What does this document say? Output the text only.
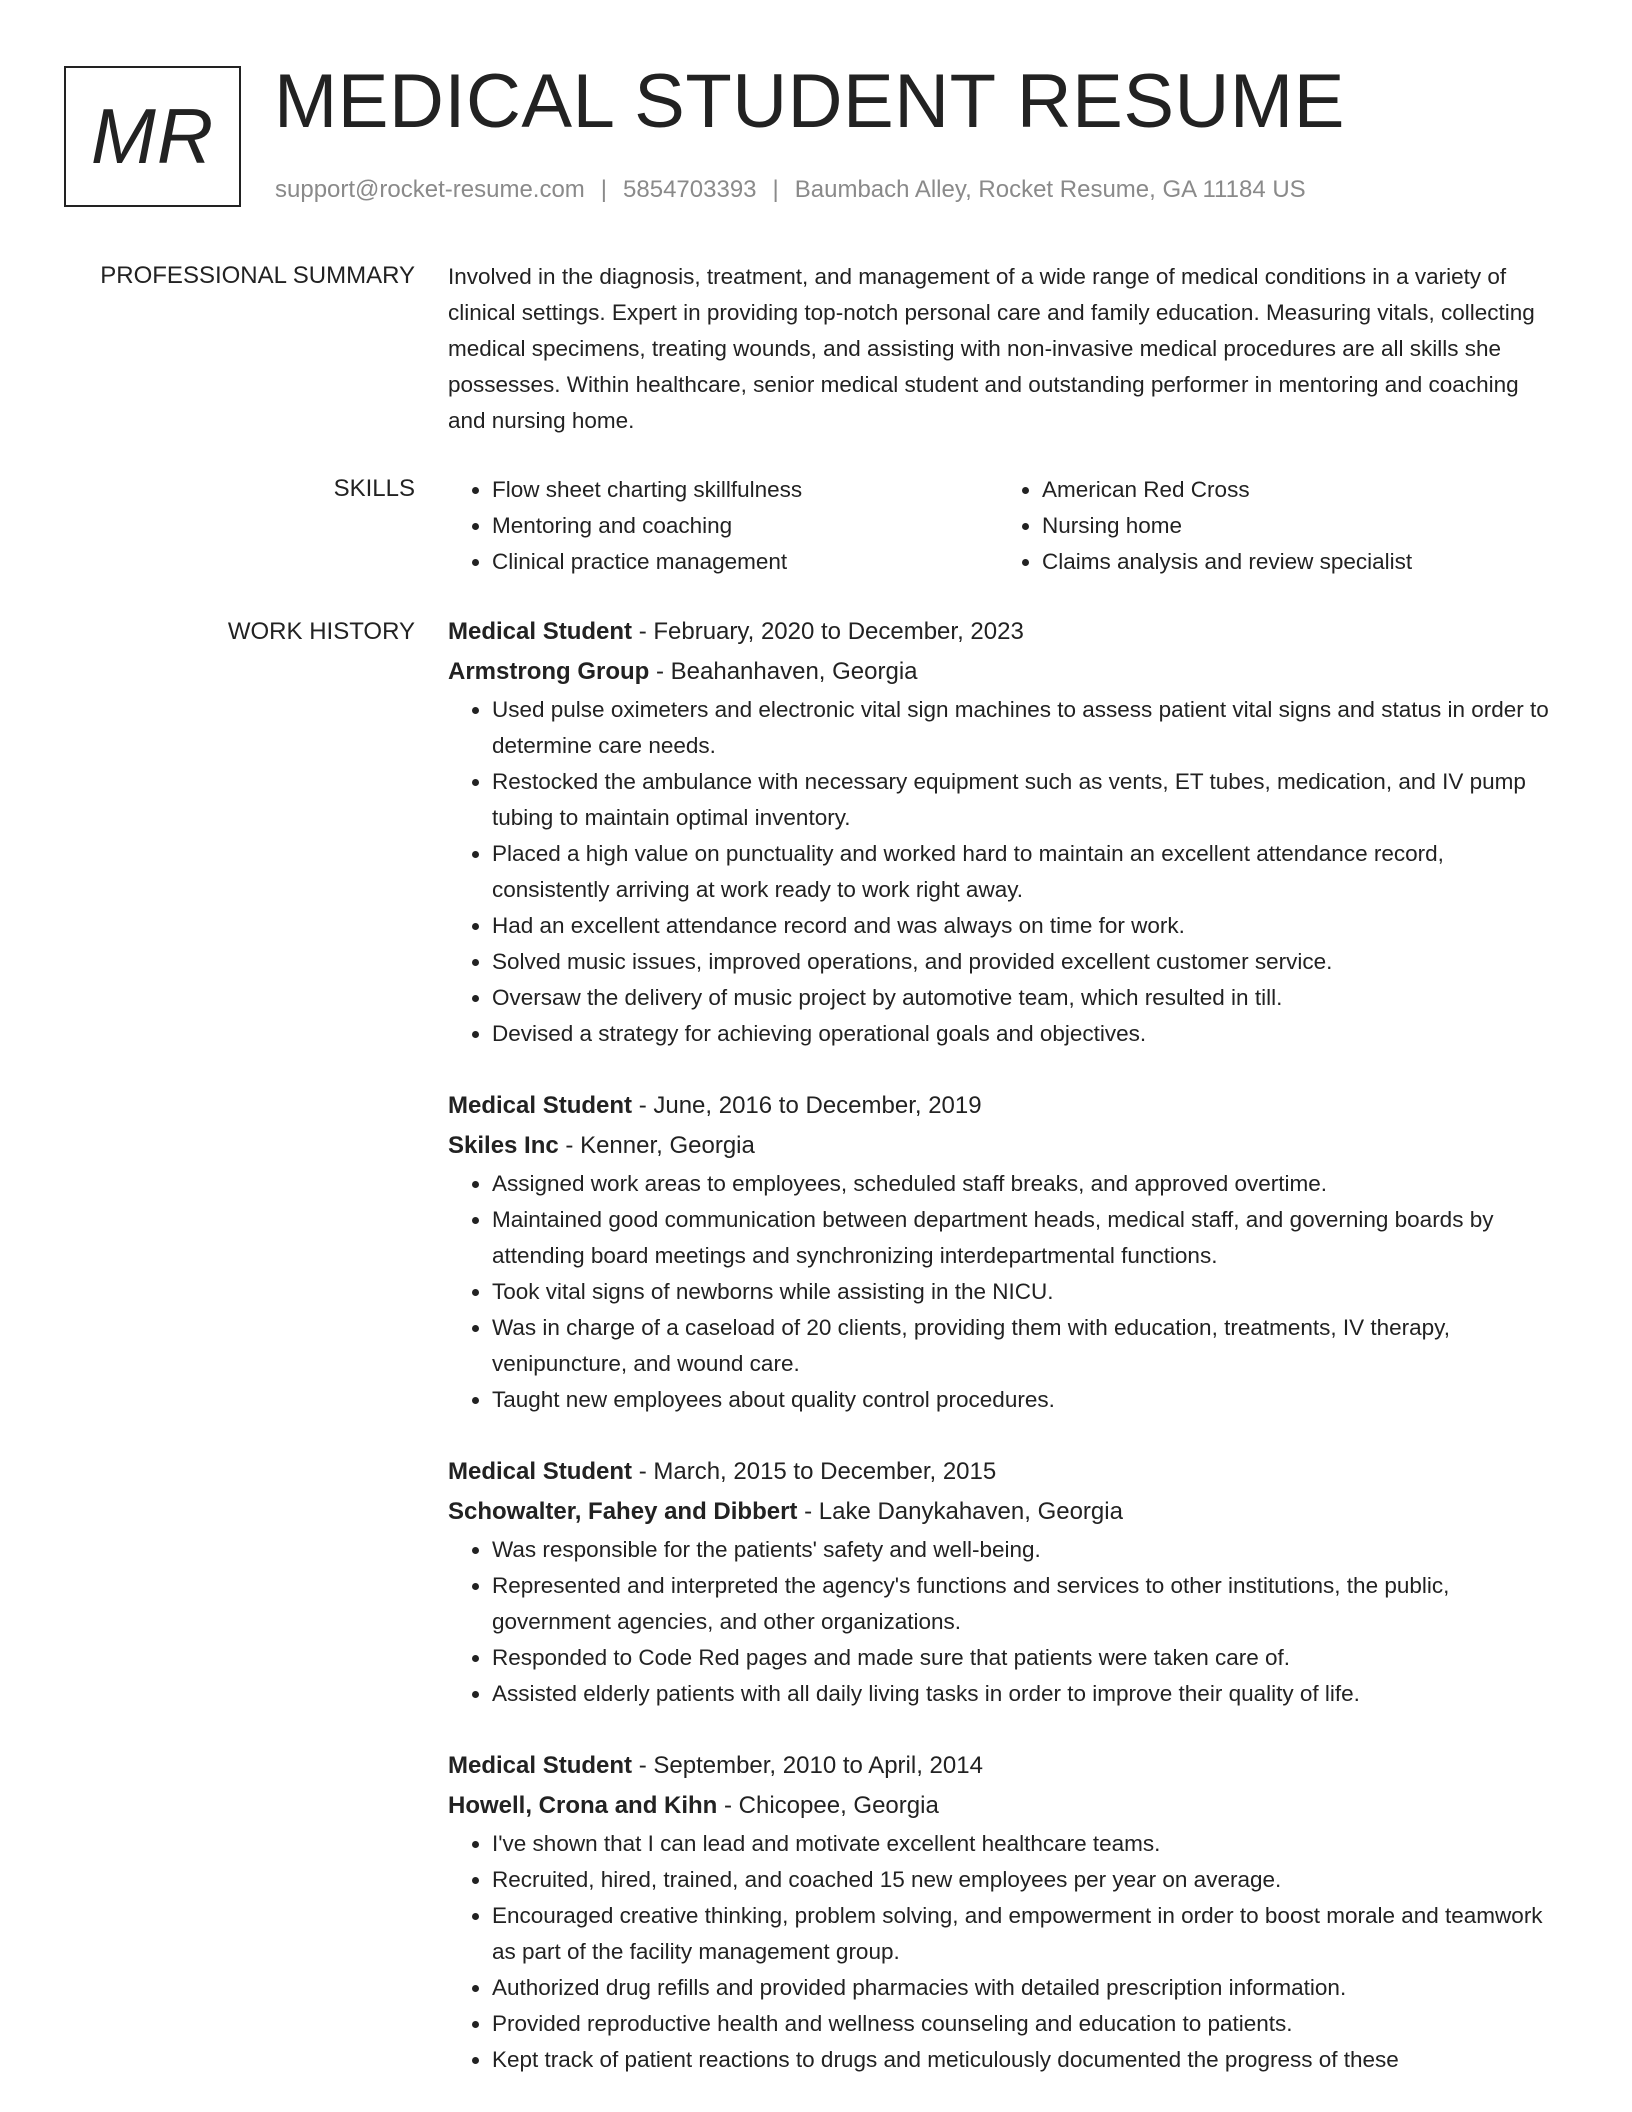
MR MEDICAL STUDENT RESUME
support@rocket-resume.com | 5854703393 | Baumbach Alley, Rocket Resume, GA 11184 US
PROFESSIONAL SUMMARY Involved in the diagnosis, treatment, and management of a wide range of medical conditions in a variety of clinical settings. Expert in providing top-notch personal care and family education. Measuring vitals, collecting medical specimens, treating wounds, and assisting with non-invasive medical procedures are all skills she possesses. Within healthcare, senior medical student and outstanding performer in mentoring and coaching and nursing home.

SKILLS
•	Flow sheet charting skillfulness
• Mentoring and coaching
• Clinical practice management
• American Red Cross
• Nursing home
• Claims analysis and review specialist
WORK HISTORY Medical Student - February, 2020 to December, 2023
Armstrong Group - Beahanhaven, Georgia
• Used pulse oximeters and electronic vital sign machines to assess patient vital signs and status in order to determine care needs.
• Restocked the ambulance with necessary equipment such as vents, ET tubes, medication, and IV pump tubing to maintain optimal inventory.
• Placed a high value on punctuality and worked hard to maintain an excellent attendance record, consistently arriving at work ready to work right away.
• Had an excellent attendance record and was always on time for work.
• Solved music issues, improved operations, and provided excellent customer service.
• Oversaw the delivery of music project by automotive team, which resulted in till.
• Devised a strategy for achieving operational goals and objectives.
Medical Student - June, 2016 to December, 2019
Skiles Inc - Kenner, Georgia
• Assigned work areas to employees, scheduled staff breaks, and approved overtime.
• Maintained good communication between department heads, medical staff, and governing boards by attending board meetings and synchronizing interdepartmental functions.
• Took vital signs of newborns while assisting in the NICU.
• Was in charge of a caseload of 20 clients, providing them with education, treatments, IV therapy, venipuncture, and wound care.
• Taught new employees about quality control procedures.
Medical Student - March, 2015 to December, 2015
Schowalter, Fahey and Dibbert - Lake Danykahaven, Georgia
• Was responsible for the patients' safety and well-being.
• Represented and interpreted the agency's functions and services to other institutions, the public, government agencies, and other organizations.
• Responded to Code Red pages and made sure that patients were taken care of.
• Assisted elderly patients with all daily living tasks in order to improve their quality of life.
Medical Student - September, 2010 to April, 2014
Howell, Crona and Kihn - Chicopee, Georgia
• I've shown that I can lead and motivate excellent healthcare teams.
• Recruited, hired, trained, and coached 15 new employees per year on average.
• Encouraged creative thinking, problem solving, and empowerment in order to boost morale and teamwork as part of the facility management group.
• Authorized drug refills and provided pharmacies with detailed prescription information.
• Provided reproductive health and wellness counseling and education to patients.
• Kept track of patient reactions to drugs and meticulously documented the progress of these
